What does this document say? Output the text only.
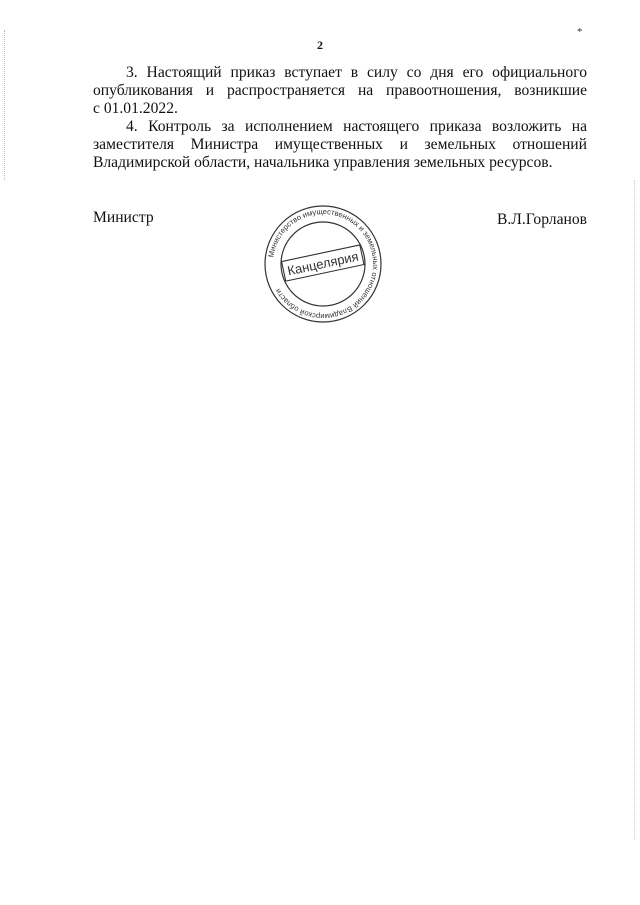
2
*

3. Настоящий приказ вступает в силу со дня его официального опубликования и распространяется на правоотношения, возникшие

с 01.01.2022.

4. Контроль за исполнением настоящего приказа возложить на заместителя Министра имущественных и земельных отношений Владимирской области, начальника управления земельных ресурсов.

Министр	В.Л.Горланов
Министерство имущественных и земельных отношений Владимирской области
Канцелярия
